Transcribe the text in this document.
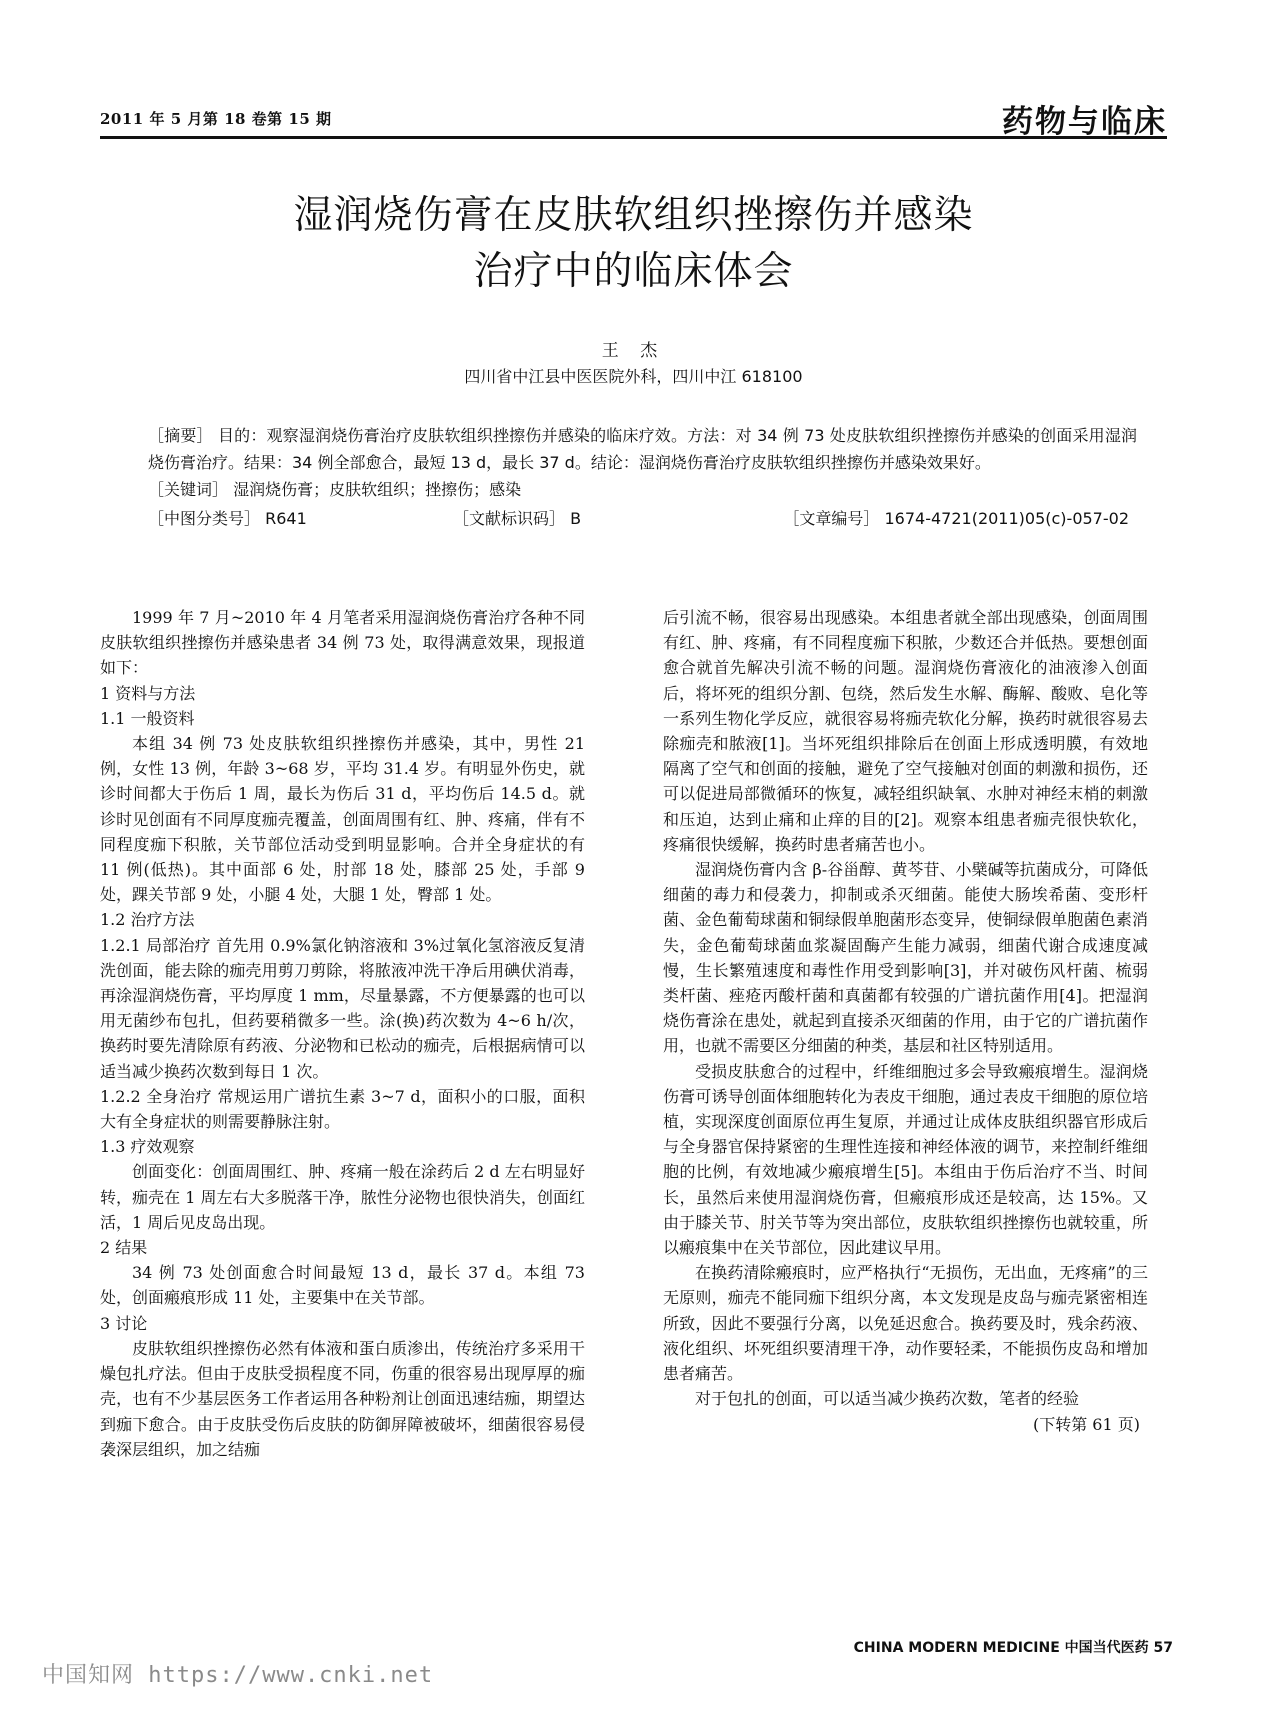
2011 年 5 月第 18 卷第 15 期	药物与临床
湿润烧伤膏在皮肤软组织挫擦伤并感染
治疗中的临床体会
王 杰
四川省中江县中医医院外科，四川中江 618100

［摘要］ 目的：观察湿润烧伤膏治疗皮肤软组织挫擦伤并感染的临床疗效。方法：对 34 例 73 处皮肤软组织挫擦伤并感染的创面采用湿润烧伤膏治疗。结果：34 例全部愈合，最短 13 d，最长 37 d。结论：湿润烧伤膏治疗皮肤软组织挫擦伤并感染效果好。

［关键词］ 湿润烧伤膏；皮肤软组织；挫擦伤；感染

［中图分类号］ R641	［文献标识码］ B	［文章编号］ 1674-4721(2011)05(c)-057-02

1999 年 7 月~2010 年 4 月笔者采用湿润烧伤膏治疗各种不同皮肤软组织挫擦伤并感染患者 34 例 73 处，取得满意效果，现报道如下：

1 资料与方法

1.1 一般资料

本组 34 例 73 处皮肤软组织挫擦伤并感染，其中，男性 21 例，女性 13 例，年龄 3~68 岁，平均 31.4 岁。有明显外伤史，就诊时间都大于伤后 1 周，最长为伤后 31 d，平均伤后 14.5 d。就诊时见创面有不同厚度痂壳覆盖，创面周围有红、肿、疼痛，伴有不同程度痂下积脓，关节部位活动受到明显影响。合并全身症状的有 11 例(低热)。其中面部 6 处，肘部 18 处，膝部 25 处，手部 9 处，踝关节部 9 处，小腿 4 处，大腿 1 处，臀部 1 处。

1.2 治疗方法

1.2.1 局部治疗 首先用 0.9%氯化钠溶液和 3%过氧化氢溶液反复清洗创面，能去除的痂壳用剪刀剪除，将脓液冲洗干净后用碘伏消毒，再涂湿润烧伤膏，平均厚度 1 mm，尽量暴露，不方便暴露的也可以用无菌纱布包扎，但药要稍微多一些。涂(换)药次数为 4~6 h/次，换药时要先清除原有药液、分泌物和已松动的痂壳，后根据病情可以适当减少换药次数到每日 1 次。

1.2.2 全身治疗 常规运用广谱抗生素 3~7 d，面积小的口服，面积大有全身症状的则需要静脉注射。

1.3 疗效观察

创面变化：创面周围红、肿、疼痛一般在涂药后 2 d 左右明显好转，痂壳在 1 周左右大多脱落干净，脓性分泌物也很快消失，创面红活，1 周后见皮岛出现。

2 结果

34 例 73 处创面愈合时间最短 13 d，最长 37 d。本组 73 处，创面瘢痕形成 11 处，主要集中在关节部。

3 讨论

皮肤软组织挫擦伤必然有体液和蛋白质渗出，传统治疗多采用干燥包扎疗法。但由于皮肤受损程度不同，伤重的很容易出现厚厚的痂壳，也有不少基层医务工作者运用各种粉剂让创面迅速结痂，期望达到痂下愈合。由于皮肤受伤后皮肤的防御屏障被破坏，细菌很容易侵袭深层组织，加之结痂

后引流不畅，很容易出现感染。本组患者就全部出现感染，创面周围有红、肿、疼痛，有不同程度痂下积脓，少数还合并低热。要想创面愈合就首先解决引流不畅的问题。湿润烧伤膏液化的油液渗入创面后，将坏死的组织分割、包绕，然后发生水解、酶解、酸败、皂化等一系列生物化学反应，就很容易将痂壳软化分解，换药时就很容易去除痂壳和脓液[1]。当坏死组织排除后在创面上形成透明膜，有效地隔离了空气和创面的接触，避免了空气接触对创面的刺激和损伤，还可以促进局部微循环的恢复，减轻组织缺氧、水肿对神经末梢的刺激和压迫，达到止痛和止痒的目的[2]。观察本组患者痂壳很快软化，疼痛很快缓解，换药时患者痛苦也小。

湿润烧伤膏内含 β-谷甾醇、黄芩苷、小檗碱等抗菌成分，可降低细菌的毒力和侵袭力，抑制或杀灭细菌。能使大肠埃希菌、变形杆菌、金色葡萄球菌和铜绿假单胞菌形态变异，使铜绿假单胞菌色素消失，金色葡萄球菌血浆凝固酶产生能力减弱，细菌代谢合成速度减慢，生长繁殖速度和毒性作用受到影响[3]，并对破伤风杆菌、梳弱类杆菌、痤疮丙酸杆菌和真菌都有较强的广谱抗菌作用[4]。把湿润烧伤膏涂在患处，就起到直接杀灭细菌的作用，由于它的广谱抗菌作用，也就不需要区分细菌的种类，基层和社区特别适用。

受损皮肤愈合的过程中，纤维细胞过多会导致瘢痕增生。湿润烧伤膏可诱导创面体细胞转化为表皮干细胞，通过表皮干细胞的原位培植，实现深度创面原位再生复原，并通过让成体皮肤组织器官形成后与全身器官保持紧密的生理性连接和神经体液的调节，来控制纤维细胞的比例，有效地减少瘢痕增生[5]。本组由于伤后治疗不当、时间长，虽然后来使用湿润烧伤膏，但瘢痕形成还是较高，达 15%。又由于膝关节、肘关节等为突出部位，皮肤软组织挫擦伤也就较重，所以瘢痕集中在关节部位，因此建议早用。

在换药清除瘢痕时，应严格执行“无损伤，无出血，无疼痛”的三无原则，痂壳不能同痂下组织分离，本文发现是皮岛与痂壳紧密相连所致，因此不要强行分离，以免延迟愈合。换药要及时，残余药液、液化组织、坏死组织要清理干净，动作要轻柔，不能损伤皮岛和增加患者痛苦。

对于包扎的创面，可以适当减少换药次数，笔者的经验

(下转第 61 页)

CHINA MODERN MEDICINE 中国当代医药 57
中国知网 https://www.cnki.net
